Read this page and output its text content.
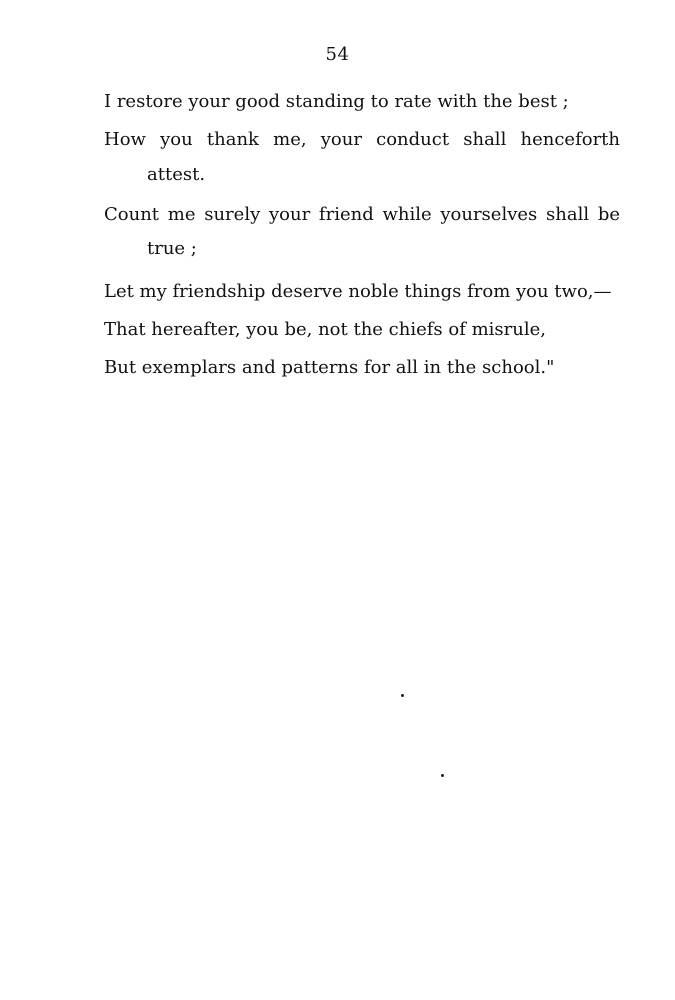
54
I restore your good standing to rate with the best ;
How you thank me, your conduct shall henceforth
attest.
Count me surely your friend while yourselves shall be
true ;
Let my friendship deserve noble things from you two,—
That hereafter, you be, not the chiefs of misrule,
But exemplars and patterns for all in the school."
